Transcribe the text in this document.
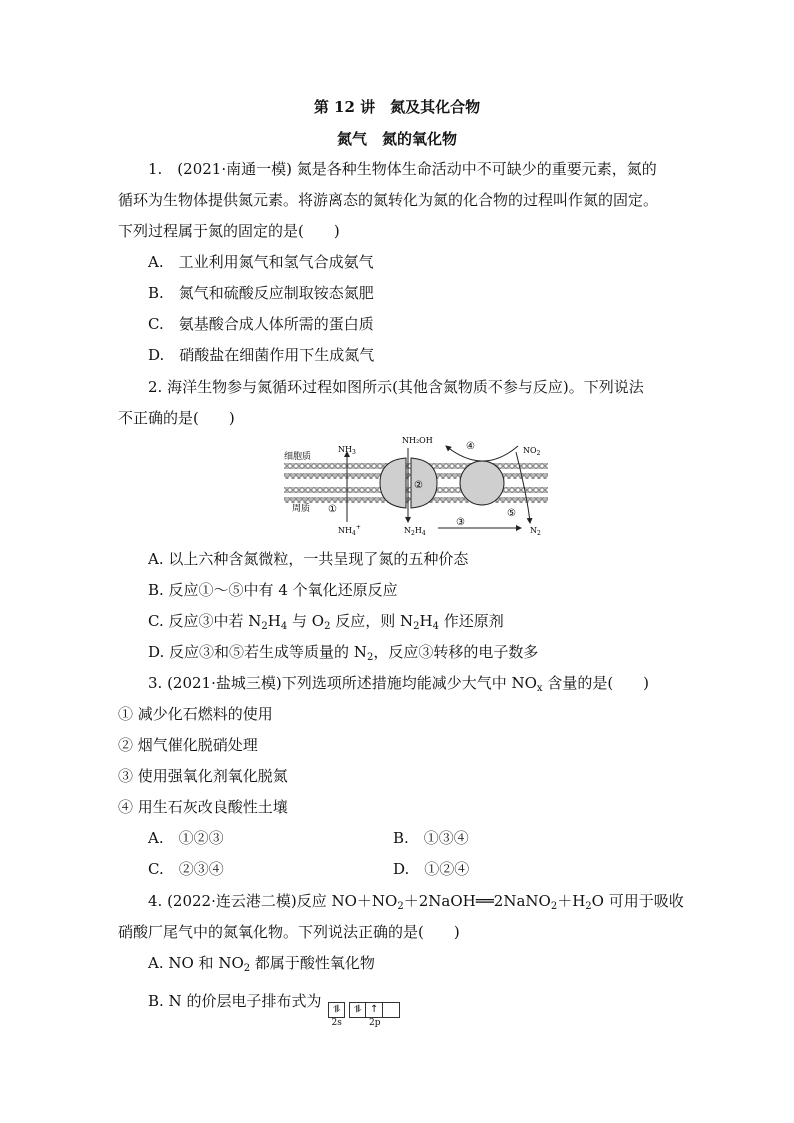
第 12 讲　氮及其化合物
氮气　氮的氧化物
1.　(2021·南通一模) 氮是各种生物体生命活动中不可缺少的重要元素，氮的
循环为生物体提供氮元素。将游离态的氮转化为氮的化合物的过程叫作氮的固定。
下列过程属于氮的固定的是(　　)
A.　工业利用氮气和氢气合成氨气
B.　氮气和硫酸反应制取铵态氮肥
C.　氨基酸合成人体所需的蛋白质
D.　硝酸盐在细菌作用下生成氮气
2. 海洋生物参与氮循环过程如图所示(其他含氮物质不参与反应)。下列说法
不正确的是(　　)
细胞质
周质
$NH_3$
$NH_4^+$
NH₂OH
$N_2H_4$
$NO_2$
$N_2$
①
②
③
④
⑤
A. 以上六种含氮微粒，一共呈现了氮的五种价态
B. 反应①～⑤中有 4 个氧化还原反应
C. 反应③中若 $N_2H_4$ 与 $O_2$ 反应，则 $N_2H_4$ 作还原剂
D. 反应③和⑤若生成等质量的 $N_2$，反应③转移的电子数多
3. (2021·盐城三模)下列选项所述措施均能减少大气中 $NO_x$ 含量的是(　　)
① 减少化石燃料的使用
② 烟气催化脱硝处理
③ 使用强氧化剂氧化脱氮
④ 用生石灰改良酸性土壤
A.　①②③	B.　①③④
C.　②③④	D.　①②④
4. (2022·连云港二模)反应 $NO+NO_2+2NaOH══2NaNO_2+H_2O$ 可用于吸收
硝酸厂尾气中的氮氧化物。下列说法正确的是(　　)
A. NO 和 $NO_2$ 都属于酸性氧化物
B. N 的价层电子排布式为	⥮
2s
⥮ ↑
2p
